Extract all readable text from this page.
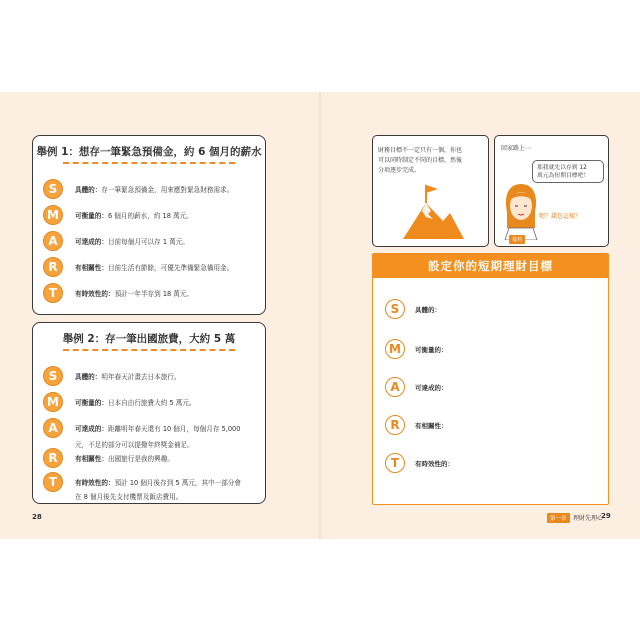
舉例 1：想存一筆緊急預備金，約 6 個月的薪水
S	具體的：存一筆緊急預備金，用來應對緊急財務需求。
M	可衡量的：6 個月的薪水，約 18 萬元。
A	可達成的：目前每個月可以存 1 萬元。
R	有相關性：目前生活有節餘，可優先準備緊急備用金。
T	有時效性的：預計一年半存到 18 萬元。
舉例 2：存一筆出國旅費，大約 5 萬
S	具體的：明年春天計畫去日本旅行。
M	可衡量的：日本自由行旅費大約 5 萬元。
A	可達成的：距離明年春天還有 10 個月，每個月存 5,000
元，不足的部分可以提撥年終獎金補足。
R	有相關性：出國旅行是我的興趣。
T	有時效性的：預計 10 個月後存到 5 萬元，其中一部分會
在 8 個月後先支付機票及飯店費用。
28
財務目標不一定只有一個，你也
可以同時制定不同的目標，然後
分項逐步完成。
回家路上⋯
那我就先以存到 12
萬元為短期目標吧！
嗯？錢包這樣？
蔓莉
設定你的短期理財目標
S	具體的：
M	可衡量的：
A	可達成的：
R	有相關性：
T	有時效性的：
第一章	理財先理心
29
